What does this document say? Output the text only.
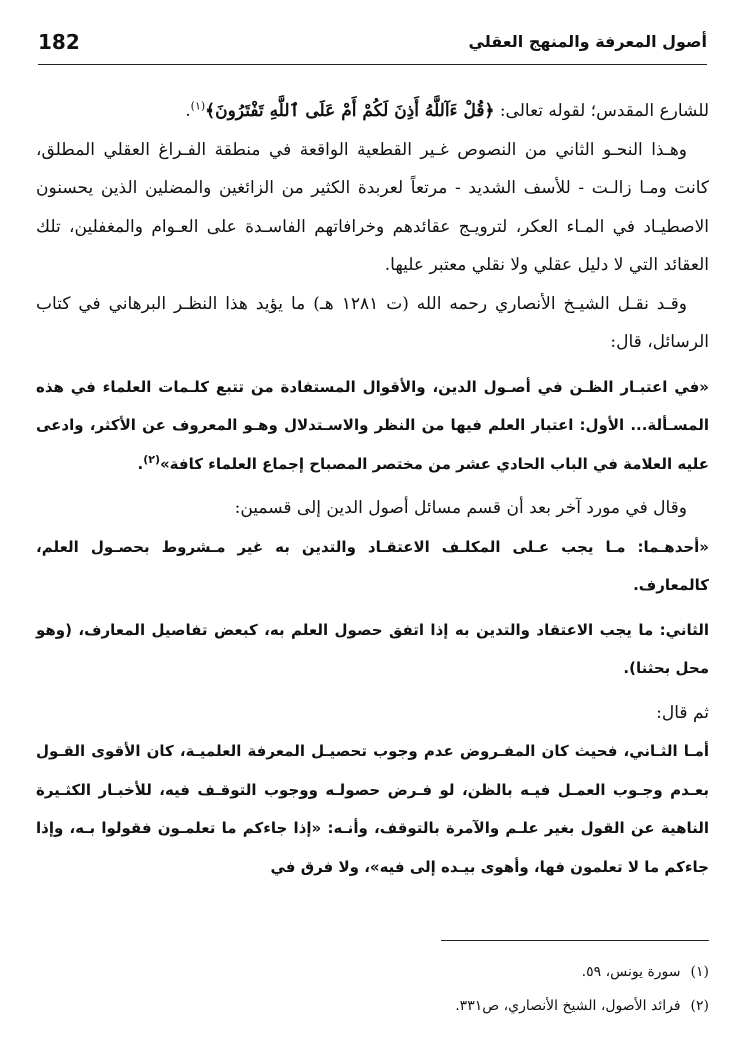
182	أصول المعرفة والمنهج العقلي

للشارع المقدس؛ لقوله تعالى: ﴿قُلْ ءَآللَّهُ أَذِنَ لَكُمْ أَمْ عَلَى ٱللَّهِ تَفْتَرُونَ﴾$^{(١)}$.

وهـذا النحـو الثاني من النصوص غـير القطعية الواقعة في منطقة الفـراغ العقلي المطلق، كانت ومـا زالـت - للأسف الشديد - مرتعاً لعربدة الكثير من الزائغين والمضلين الذين يحسنون الاصطيـاد في المـاء العكر، لترويـج عقائدهم وخرافاتهم الفاسـدة على العـوام والمغفلين، تلك العقائد التي لا دليل عقلي ولا نقلي معتبر عليها.

وقـد نقـل الشيـخ الأنصاري رحمه الله (ت ١٢٨١ هـ) ما يؤيد هذا النظـر البرهاني في كتاب الرسائل، قال:

«في اعتبـار الظـن في أصـول الدين، والأقوال المستفادة من تتبع كلـمات العلماء في هذه المسـألة... الأول: اعتبار العلم فيها من النظر والاسـتدلال وهـو المعروف عن الأكثر، وادعى عليه العلامة في الباب الحادي عشر من مختصر المصباح إجماع العلماء كافة»$^{(٢)}$.

وقال في مورد آخر بعد أن قسم مسائل أصول الدين إلى قسمين:

«أحدهـما: مـا يجب عـلى المكلـف الاعتقـاد والتدين به غير مـشروط بحصـول العلم، كالمعارف.

الثاني: ما يجب الاعتقاد والتدين به إذا اتفق حصول العلم به، كبعض تفاصيل المعارف، (وهو محل بحثنا).

ثم قال:

أمـا الثـاني، فحيث كان المفـروض عدم وجوب تحصيـل المعرفة العلميـة، كان الأقوى القـول بعـدم وجـوب العمـل فيـه بالظن، لو فـرض حصولـه ووجوب التوقـف فيه، للأخبـار الكثـيرة الناهية عن القول بغير علـم والآمرة بالتوقف، وأنـه: «إذا جاءكم ما تعلمـون فقولوا بـه، وإذا جاءكم ما لا تعلمون فها، وأهوى بيـده إلى فيه»، ولا فرق في

(١)سورة يونس، ٥٩.
(٢)فرائد الأصول، الشيخ الأنصاري، ص٣٣١.
